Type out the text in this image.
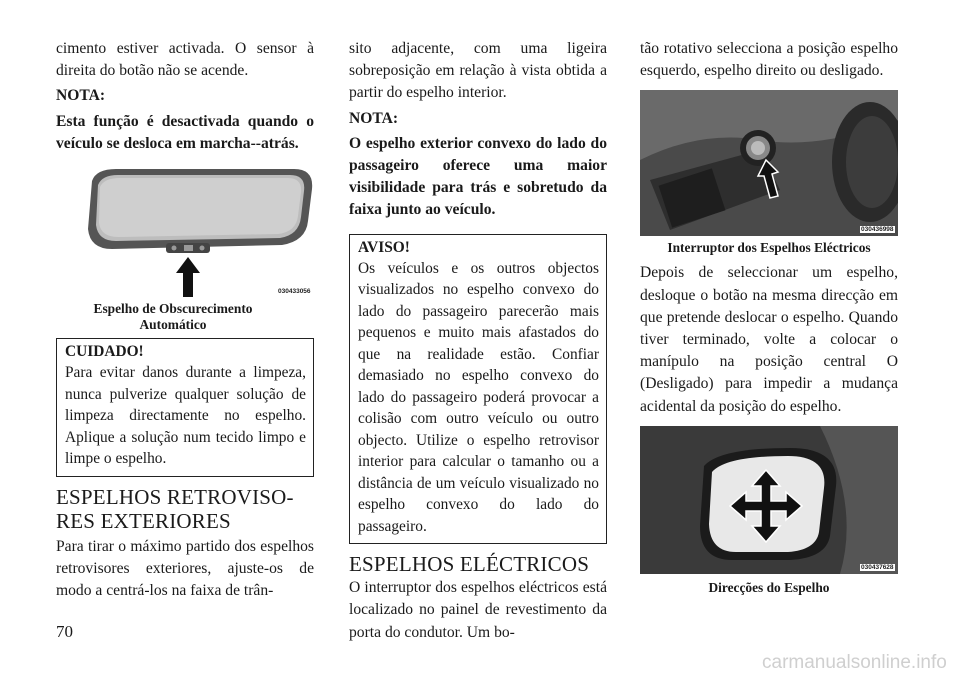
cimento estiver activada. O sensor à direita do botão não se acende.

NOTA:

Esta função é desactivada quando o veículo se desloca em marcha--atrás.

030433056

Espelho de Obscurecimento
Automático

CUIDADO!

Para evitar danos durante a limpeza, nunca pulverize qualquer solução de limpeza directamente no espelho. Aplique a solução num tecido limpo e limpe o espelho.

ESPELHOS RETROVISO-
RES EXTERIORES

Para tirar o máximo partido dos espelhos retrovisores exteriores, ajuste-os de modo a centrá-los na faixa de trân-

sito adjacente, com uma ligeira sobreposição em relação à vista obtida a partir do espelho interior.

NOTA:

O espelho exterior convexo do lado do passageiro oferece uma maior visibilidade para trás e sobretudo da faixa junto ao veículo.

AVISO!

Os veículos e os outros objectos visualizados no espelho convexo do lado do passageiro parecerão mais pequenos e muito mais afastados do que na realidade estão. Confiar demasiado no espelho convexo do lado do passageiro poderá provocar a colisão com outro veículo ou outro objecto. Utilize o espelho retrovisor interior para calcular o tamanho ou a distância de um veículo visualizado no espelho convexo do lado do passageiro.

ESPELHOS ELÉCTRICOS

O interruptor dos espelhos eléctricos está localizado no painel de revestimento da porta do condutor. Um bo-

tão rotativo selecciona a posição espelho esquerdo, espelho direito ou desligado.

030436998

Interruptor dos Espelhos Eléctricos

Depois de seleccionar um espelho, desloque o botão na mesma direcção em que pretende deslocar o espelho. Quando tiver terminado, volte a colocar o manípulo na posição central O (Desligado) para impedir a mudança acidental da posição do espelho.

030437628

Direcções do Espelho

70
carmanualsonline.info
